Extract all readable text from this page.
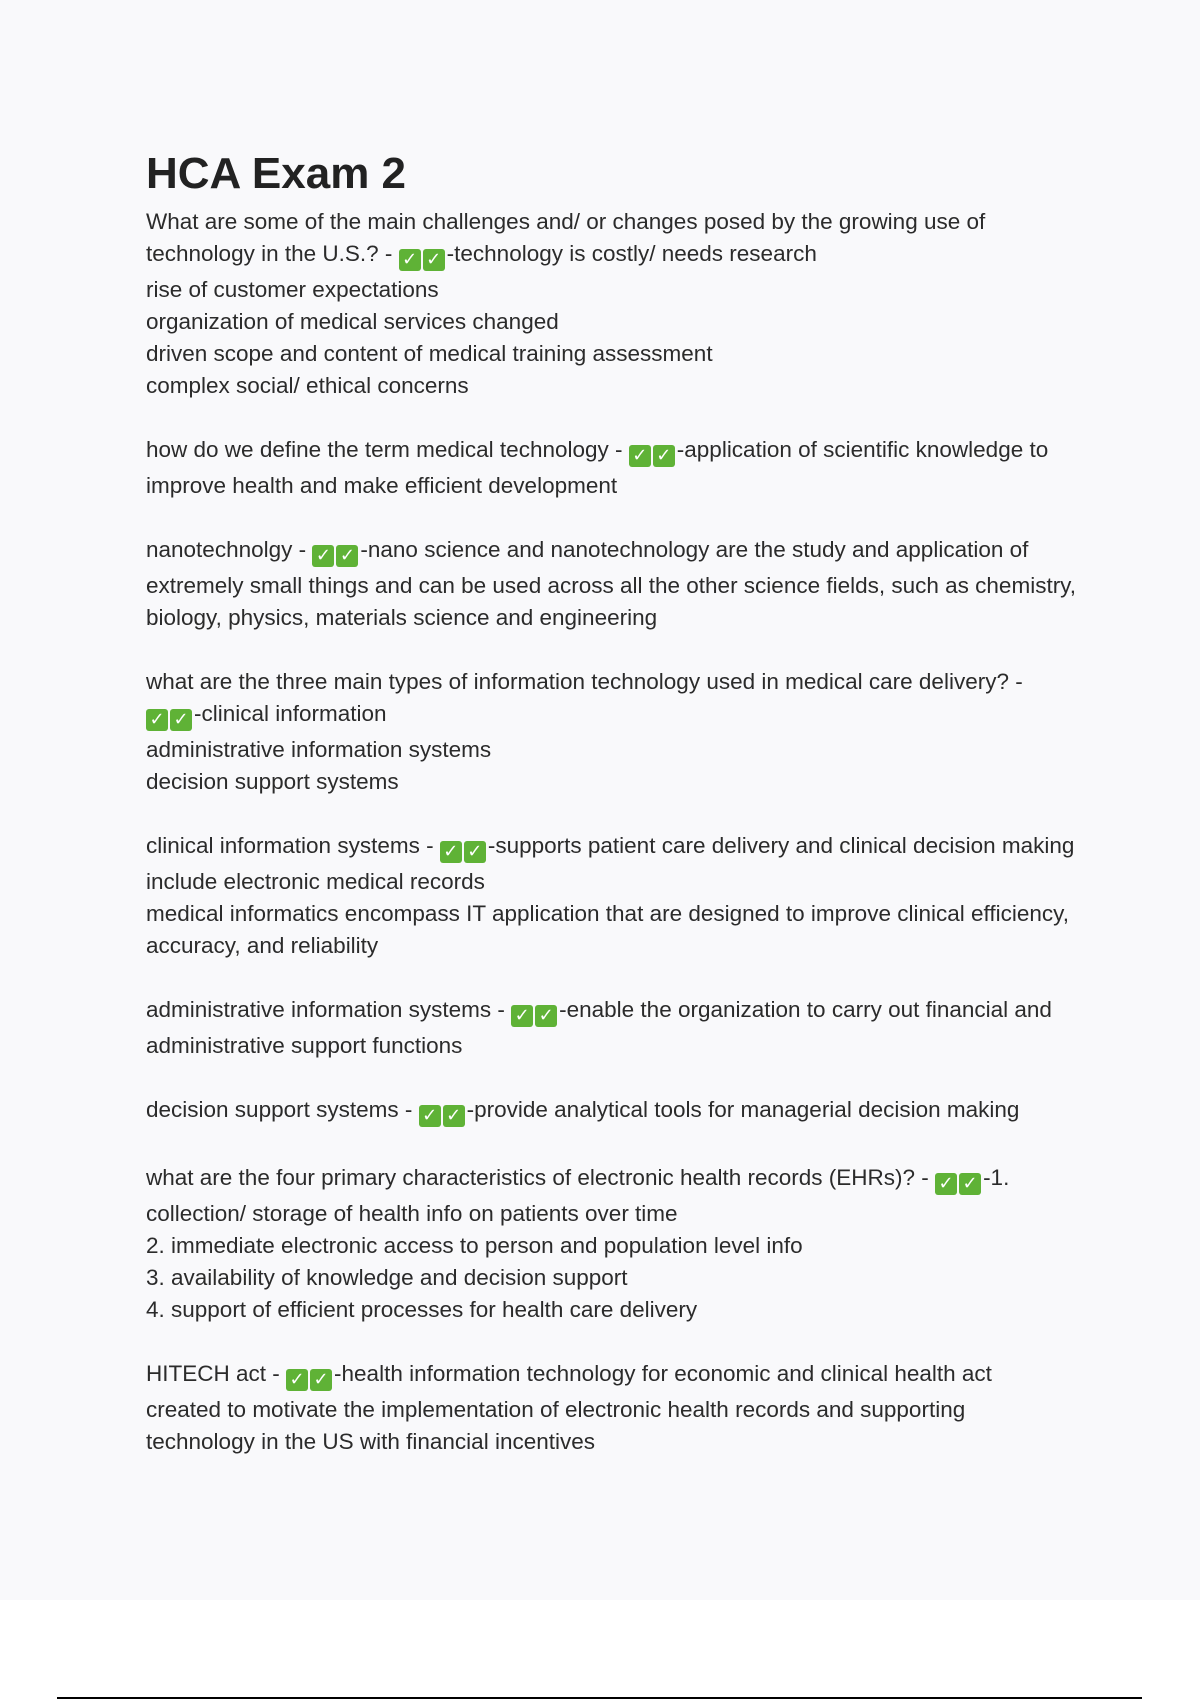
HCA Exam 2

What are some of the main challenges and/ or changes posed by the growing use of technology in the U.S.? - ✓ ✓ -technology is costly/ needs research

rise of customer expectations

organization of medical services changed

driven scope and content of medical training assessment

complex social/ ethical concerns

how do we define the term medical technology - ✓ ✓ -application of scientific knowledge to improve health and make efficient development

nanotechnolgy - ✓ ✓ -nano science and nanotechnology are the study and application of extremely small things and can be used across all the other science fields, such as chemistry, biology, physics, materials science and engineering

what are the three main types of information technology used in medical care delivery? - ✓ ✓ -clinical information

administrative information systems

decision support systems

clinical information systems - ✓ ✓ -supports patient care delivery and clinical decision making

include electronic medical records

medical informatics encompass IT application that are designed to improve clinical efficiency, accuracy, and reliability

administrative information systems - ✓ ✓ -enable the organization to carry out financial and administrative support functions

decision support systems - ✓ ✓ -provide analytical tools for managerial decision making

what are the four primary characteristics of electronic health records (EHRs)? - ✓ ✓ -1. collection/ storage of health info on patients over time

2. immediate electronic access to person and population level info

3. availability of knowledge and decision support

4. support of efficient processes for health care delivery

HITECH act - ✓ ✓ -health information technology for economic and clinical health act

created to motivate the implementation of electronic health records and supporting technology in the US with financial incentives
